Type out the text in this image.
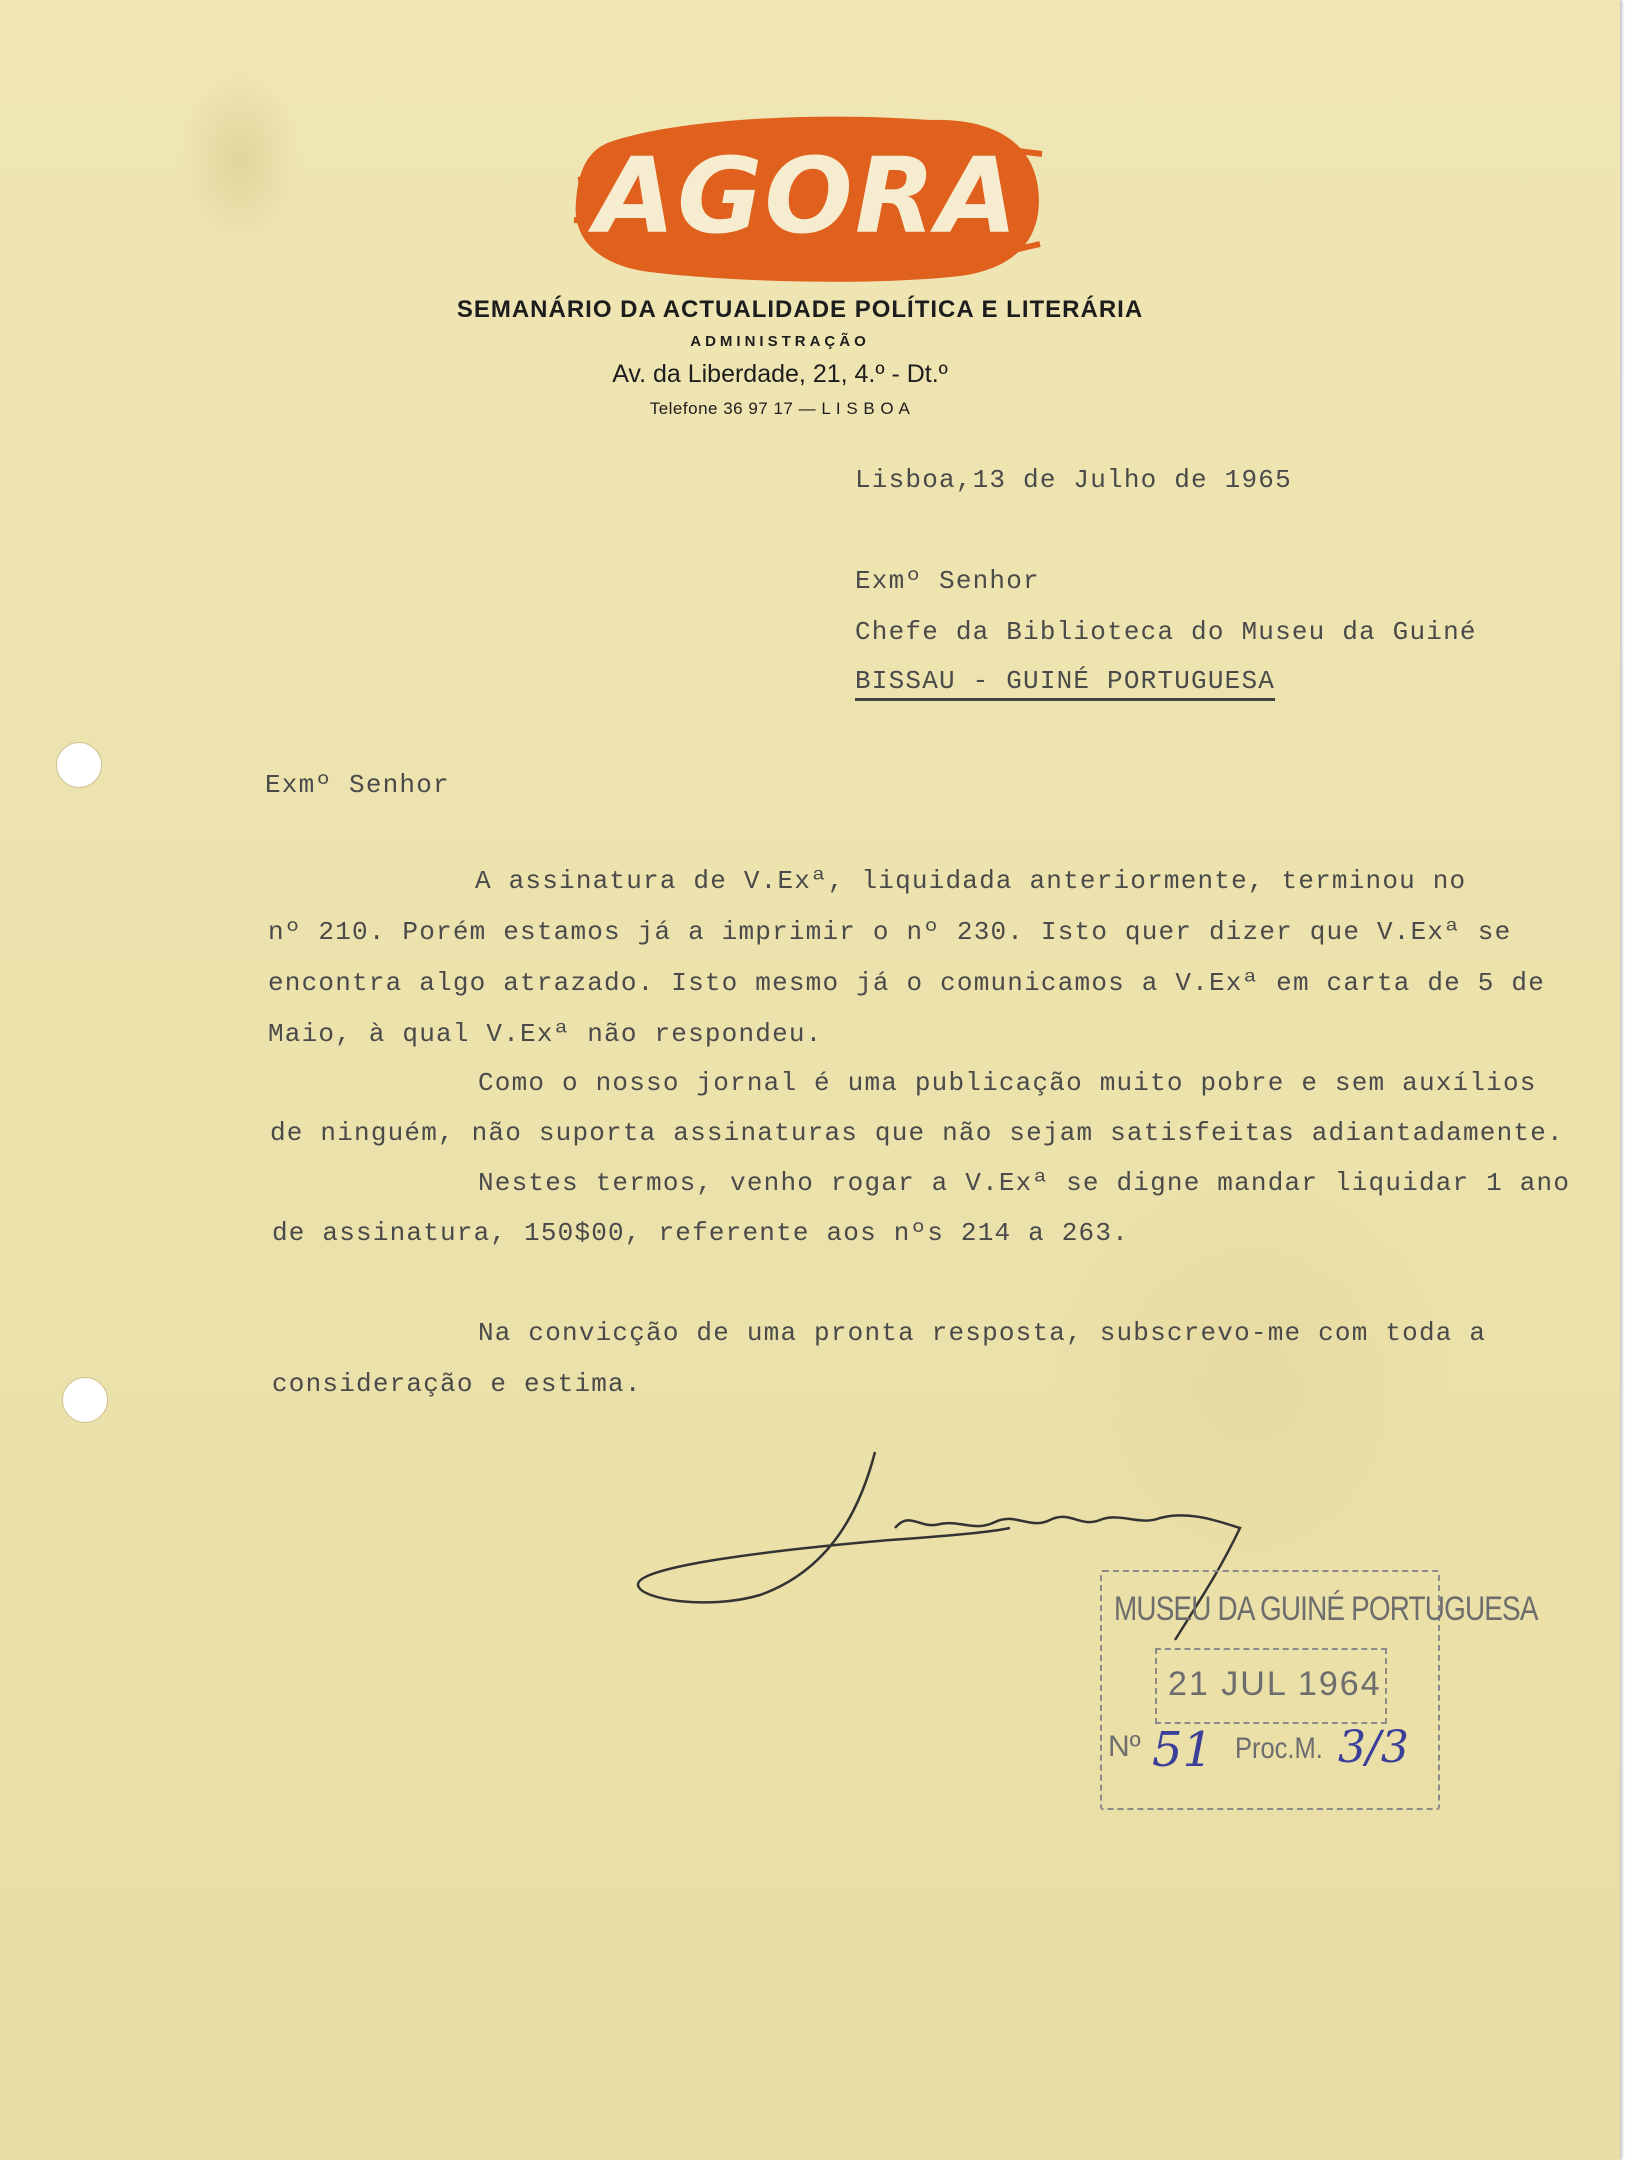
AGORA
SEMANÁRIO DA ACTUALIDADE POLÍTICA E LITERÁRIA
ADMINISTRAÇÃO
Av. da Liberdade, 21, 4.º - Dt.º
Telefone 36 97 17 — L I S B O A
Lisboa,13 de Julho de 1965
Exmº Senhor
Chefe da Biblioteca do Museu da Guiné
BISSAU - GUINÉ PORTUGUESA
Exmº Senhor
A assinatura de V.Exª, liquidada anteriormente, terminou no
nº 210. Porém estamos já a imprimir o nº 230. Isto quer dizer que V.Exª se
encontra algo atrazado. Isto mesmo já o comunicamos a V.Exª em carta de 5 de
Maio, à qual V.Exª não respondeu.
Como o nosso jornal é uma publicação muito pobre e sem auxílios
de ninguém, não suporta assinaturas que não sejam satisfeitas adiantadamente.
Nestes termos, venho rogar a V.Exª se digne mandar liquidar 1 ano
de assinatura, 150$00, referente aos nºs 214 a 263.
Na convicção de uma pronta resposta, subscrevo-me com toda a
consideração e estima.
MUSEU DA GUINÉ PORTUGUESA
21 JUL 1964
Nº 51 Proc.M. 3/3
